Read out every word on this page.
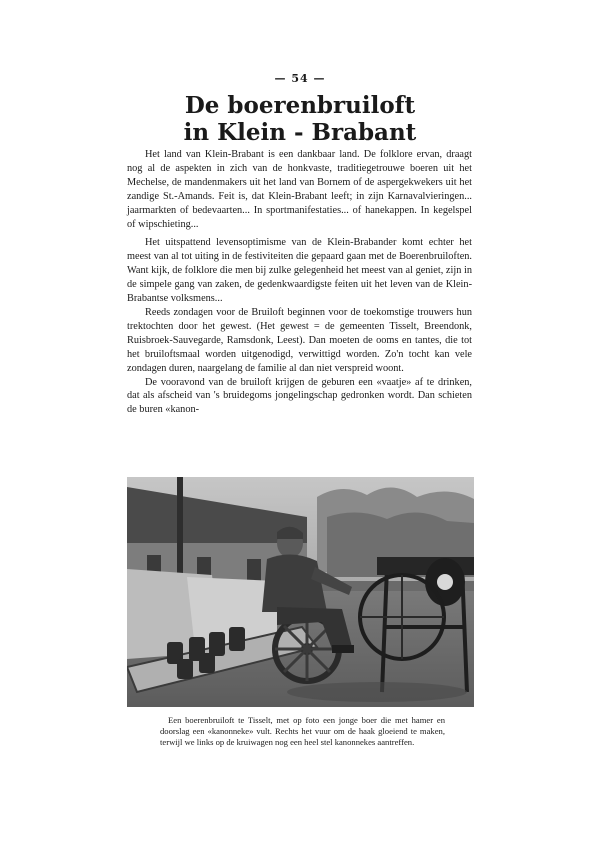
— 54 —
De boerenbruiloft
in Klein - Brabant

Het land van Klein-Brabant is een dankbaar land. De folklore ervan, draagt nog al de aspekten in zich van de honkvaste, traditiegetrouwe boeren uit het Mechelse, de mandenmakers uit het land van Bornem of de aspergekwekers uit het zandige St.-Amands. Feit is, dat Klein-Brabant leeft; in zijn Karnavalvieringen... jaarmarkten of bedevaarten... In sportmanifestaties... of hanekappen. In kegelspel of wipschieting...

Het uitspattend levensoptimisme van de Klein-Brabander komt echter het meest van al tot uiting in de festiviteiten die gepaard gaan met de Boerenbruiloften. Want kijk, de folklore die men bij zulke gelegenheid het meest van al geniet, zijn in de simpele gang van zaken, de gedenkwaardigste feiten uit het leven van de Klein-Brabantse volksmens...

Reeds zondagen voor de Bruiloft beginnen voor de toekomstige trouwers hun trektochten door het gewest. (Het gewest = de gemeenten Tisselt, Breendonk, Ruisbroek-Sauvegarde, Ramsdonk, Leest). Dan moeten de ooms en tantes, die tot het bruiloftsmaal worden uitgenodigd, verwittigd worden. Zo'n tocht kan vele zondagen duren, naargelang de familie al dan niet verspreid woont.

De vooravond van de bruiloft krijgen de geburen een «vaatje» af te drinken, dat als afscheid van 's bruidegoms jongelingschap gedronken wordt. Dan schieten de buren «kanon-

Een boerenbruiloft te Tisselt, met op foto een jonge boer die met hamer en doorslag een «kanonneke» vult. Rechts het vuur om de haak gloeiend te maken, terwijl we links op de kruiwagen nog een heel stel kanonnekes aantreffen.
